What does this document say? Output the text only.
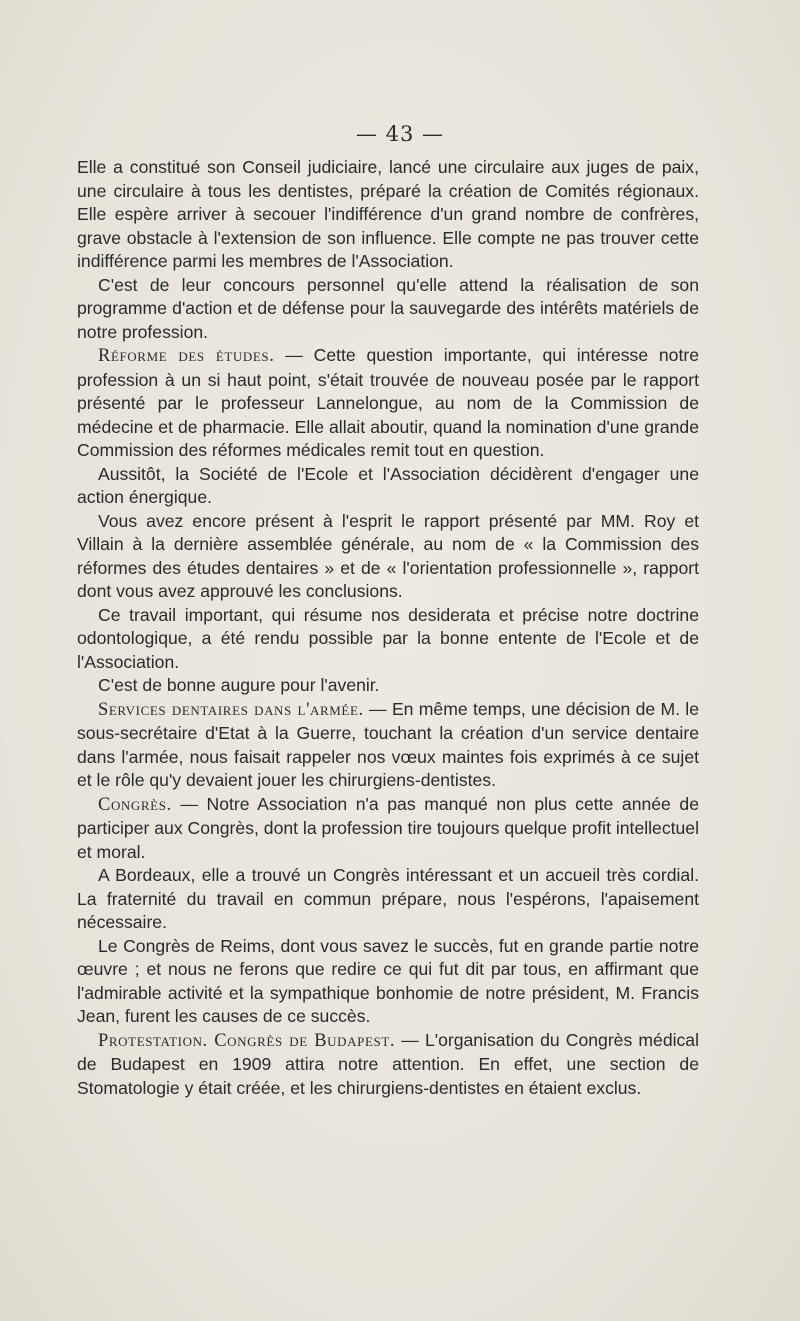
— 43 —

Elle a constitué son Conseil judiciaire, lancé une circulaire aux juges de paix, une circulaire à tous les dentistes, préparé la création de Comités régionaux. Elle espère arriver à secouer l'indifférence d'un grand nombre de confrères, grave obstacle à l'extension de son influence. Elle compte ne pas trouver cette indifférence parmi les membres de l'Association.

C'est de leur concours personnel qu'elle attend la réalisation de son programme d'action et de défense pour la sauvegarde des intérêts matériels de notre profession.

Réforme des études. — Cette question importante, qui intéresse notre profession à un si haut point, s'était trouvée de nouveau posée par le rapport présenté par le professeur Lannelongue, au nom de la Commission de médecine et de pharmacie. Elle allait aboutir, quand la nomination d'une grande Commission des réformes médicales remit tout en question.

Aussitôt, la Société de l'Ecole et l'Association décidèrent d'engager une action énergique.

Vous avez encore présent à l'esprit le rapport présenté par MM. Roy et Villain à la dernière assemblée générale, au nom de « la Commission des réformes des études dentaires » et de « l'orientation professionnelle », rapport dont vous avez approuvé les conclusions.

Ce travail important, qui résume nos desiderata et précise notre doctrine odontologique, a été rendu possible par la bonne entente de l'Ecole et de l'Association.

C'est de bonne augure pour l'avenir.

Services dentaires dans l'armée. — En même temps, une décision de M. le sous-secrétaire d'Etat à la Guerre, touchant la création d'un service dentaire dans l'armée, nous faisait rappeler nos vœux maintes fois exprimés à ce sujet et le rôle qu'y devaient jouer les chirurgiens-dentistes.

Congrès. — Notre Association n'a pas manqué non plus cette année de participer aux Congrès, dont la profession tire toujours quelque profit intellectuel et moral.

A Bordeaux, elle a trouvé un Congrès intéressant et un accueil très cordial. La fraternité du travail en commun prépare, nous l'espérons, l'apaisement nécessaire.

Le Congrès de Reims, dont vous savez le succès, fut en grande partie notre œuvre ; et nous ne ferons que redire ce qui fut dit par tous, en affirmant que l'admirable activité et la sympathique bonhomie de notre président, M. Francis Jean, furent les causes de ce succès.

Protestation. Congrès de Budapest. — L'organisation du Congrès médical de Budapest en 1909 attira notre attention. En effet, une section de Stomatologie y était créée, et les chirurgiens-dentistes en étaient exclus.
